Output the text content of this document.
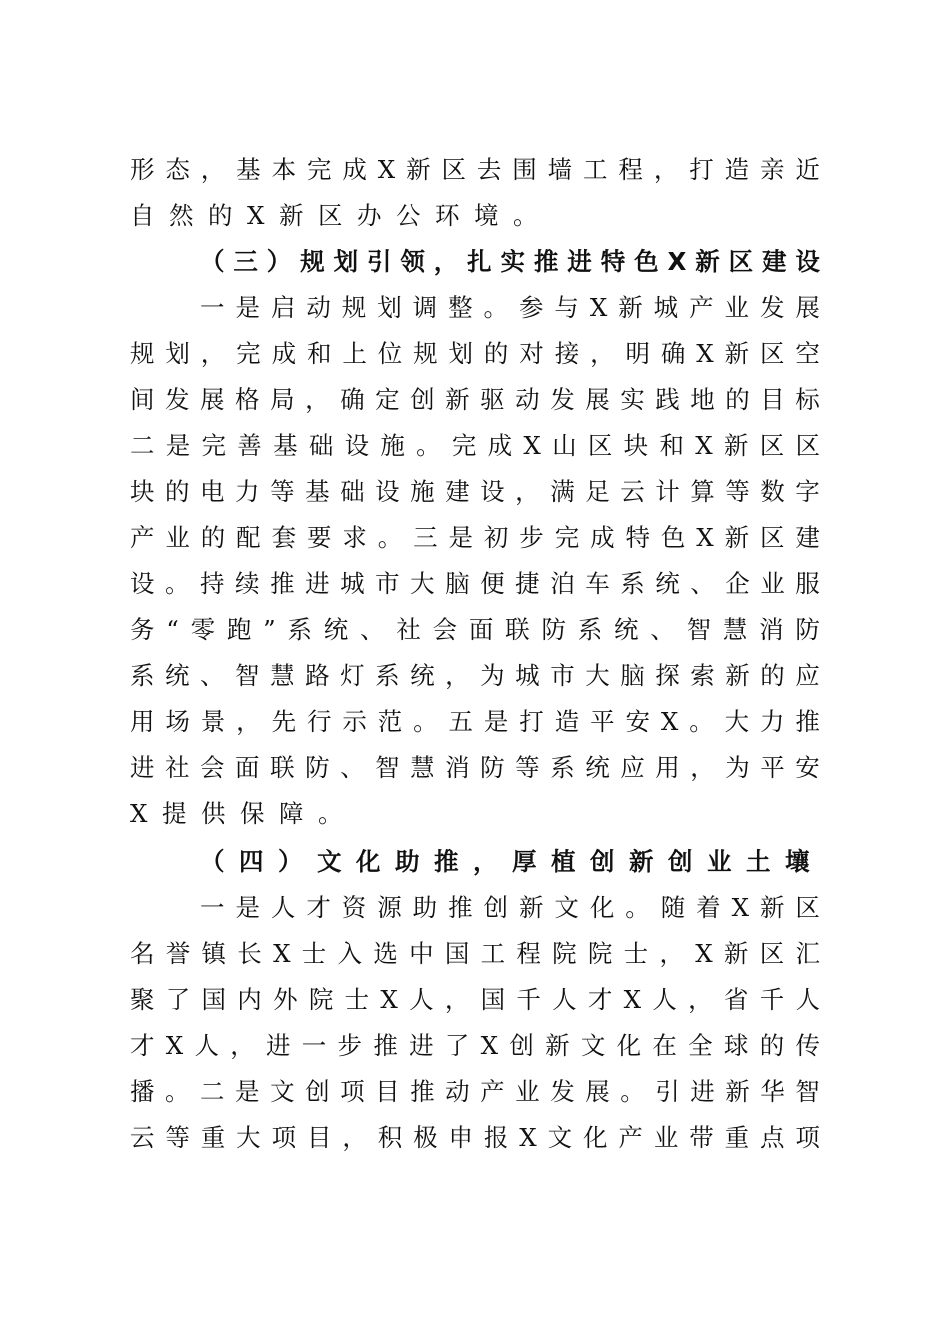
形 态 ， 基 本 完 成 X 新 区 去 围 墙 工 程 ， 打 造 亲 近
自 然 的 X 新 区 办 公 环 境 。
（ 三 ） 规 划 引 领 ， 扎 实 推 进 特 色 X 新 区 建 设
一 是 启 动 规 划 调 整 。 参 与 X 新 城 产 业 发 展
规 划 ， 完 成 和 上 位 规 划 的 对 接 ， 明 确 X 新 区 空
间 发 展 格 局 ， 确 定 创 新 驱 动 发 展 实 践 地 的 目 标
二 是 完 善 基 础 设 施 。 完 成 X 山 区 块 和 X 新 区 区
块 的 电 力 等 基 础 设 施 建 设 ， 满 足 云 计 算 等 数 字
产 业 的 配 套 要 求 。 三 是 初 步 完 成 特 色 X 新 区 建
设 。 持 续 推 进 城 市 大 脑 便 捷 泊 车 系 统 、 企 业 服
务 “ 零 跑 ” 系 统 、 社 会 面 联 防 系 统 、 智 慧 消 防
系 统 、 智 慧 路 灯 系 统 ， 为 城 市 大 脑 探 索 新 的 应
用 场 景 ， 先 行 示 范 。 五 是 打 造 平 安 X 。 大 力 推
进 社 会 面 联 防 、 智 慧 消 防 等 系 统 应 用 ， 为 平 安
X 提 供 保 障 。
（ 四 ） 文 化 助 推 ， 厚 植 创 新 创 业 土 壤
一 是 人 才 资 源 助 推 创 新 文 化 。 随 着 X 新 区
名 誉 镇 长 X 士 入 选 中 国 工 程 院 院 士 ， X 新 区 汇
聚 了 国 内 外 院 士 X 人 ， 国 千 人 才 X 人 ， 省 千 人
才 X 人 ， 进 一 步 推 进 了 X 创 新 文 化 在 全 球 的 传
播 。 二 是 文 创 项 目 推 动 产 业 发 展 。 引 进 新 华 智
云 等 重 大 项 目 ， 积 极 申 报 X 文 化 产 业 带 重 点 项
